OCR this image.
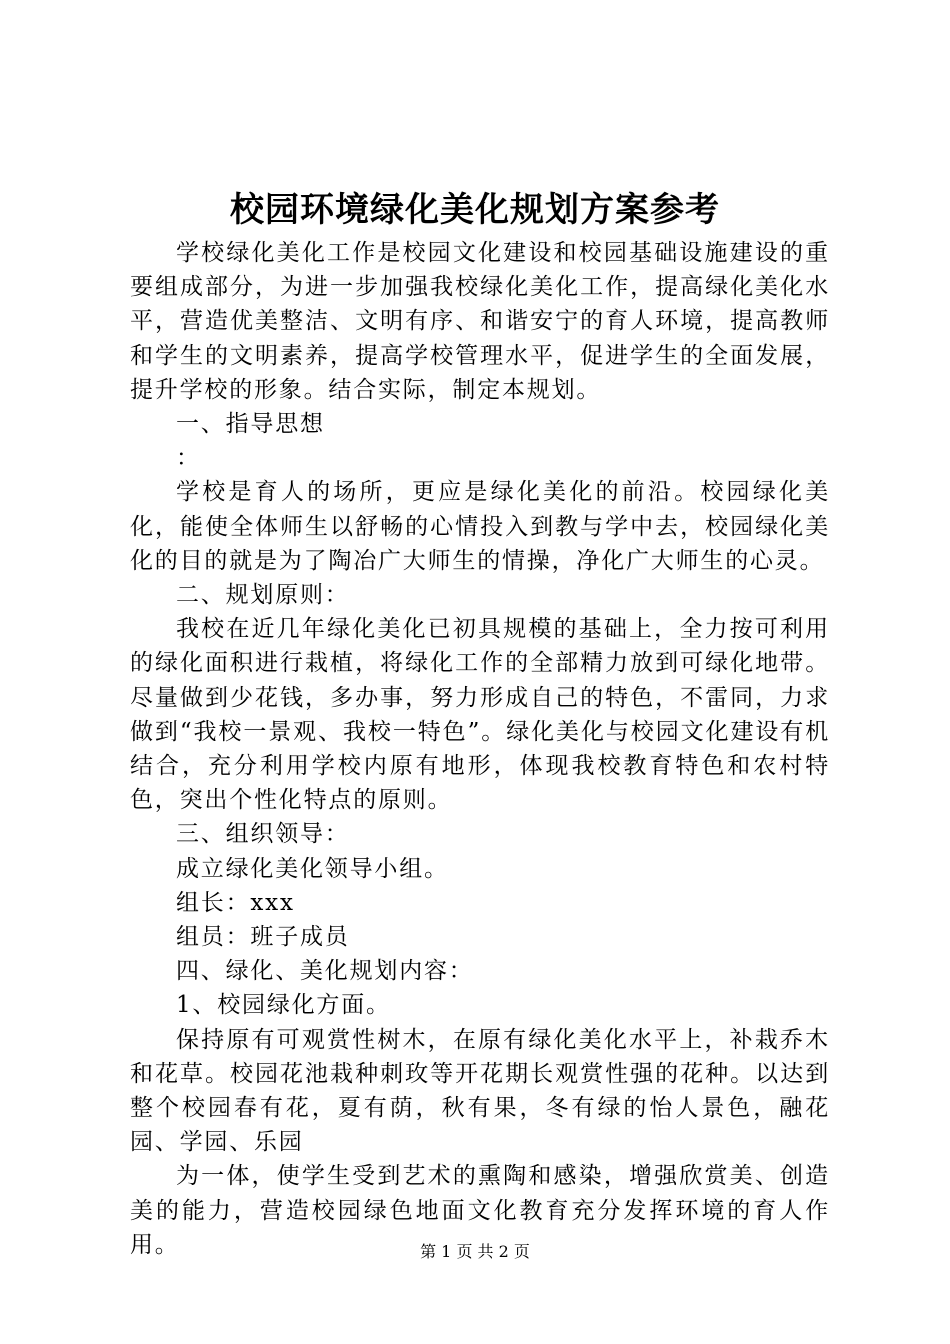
校园环境绿化美化规划方案参考

学校绿化美化工作是校园文化建设和校园基础设施建设的重要组成部分，为进一步加强我校绿化美化工作，提高绿化美化水平，营造优美整洁、文明有序、和谐安宁的育人环境，提高教师和学生的文明素养，提高学校管理水平，促进学生的全面发展，提升学校的形象。结合实际，制定本规划。

一、指导思想

：

学校是育人的场所，更应是绿化美化的前沿。校园绿化美化，能使全体师生以舒畅的心情投入到教与学中去，校园绿化美化的目的就是为了陶冶广大师生的情操，净化广大师生的心灵。

二、规划原则：

我校在近几年绿化美化已初具规模的基础上，全力按可利用的绿化面积进行栽植，将绿化工作的全部精力放到可绿化地带。尽量做到少花钱，多办事，努力形成自己的特色，不雷同，力求做到“我校一景观、我校一特色”。绿化美化与校园文化建设有机结合，充分利用学校内原有地形，体现我校教育特色和农村特色，突出个性化特点的原则。

三、组织领导：

成立绿化美化领导小组。

组长：xxx

组员：班子成员

四、绿化、美化规划内容：

1、校园绿化方面。

保持原有可观赏性树木，在原有绿化美化水平上，补栽乔木和花草。校园花池栽种刺玫等开花期长观赏性强的花种。以达到整个校园春有花，夏有荫，秋有果，冬有绿的怡人景色，融花园、学园、乐园

为一体，使学生受到艺术的熏陶和感染，增强欣赏美、创造美的能力，营造校园绿色地面文化教育充分发挥环境的育人作用。	第 1 页 共 2 页
